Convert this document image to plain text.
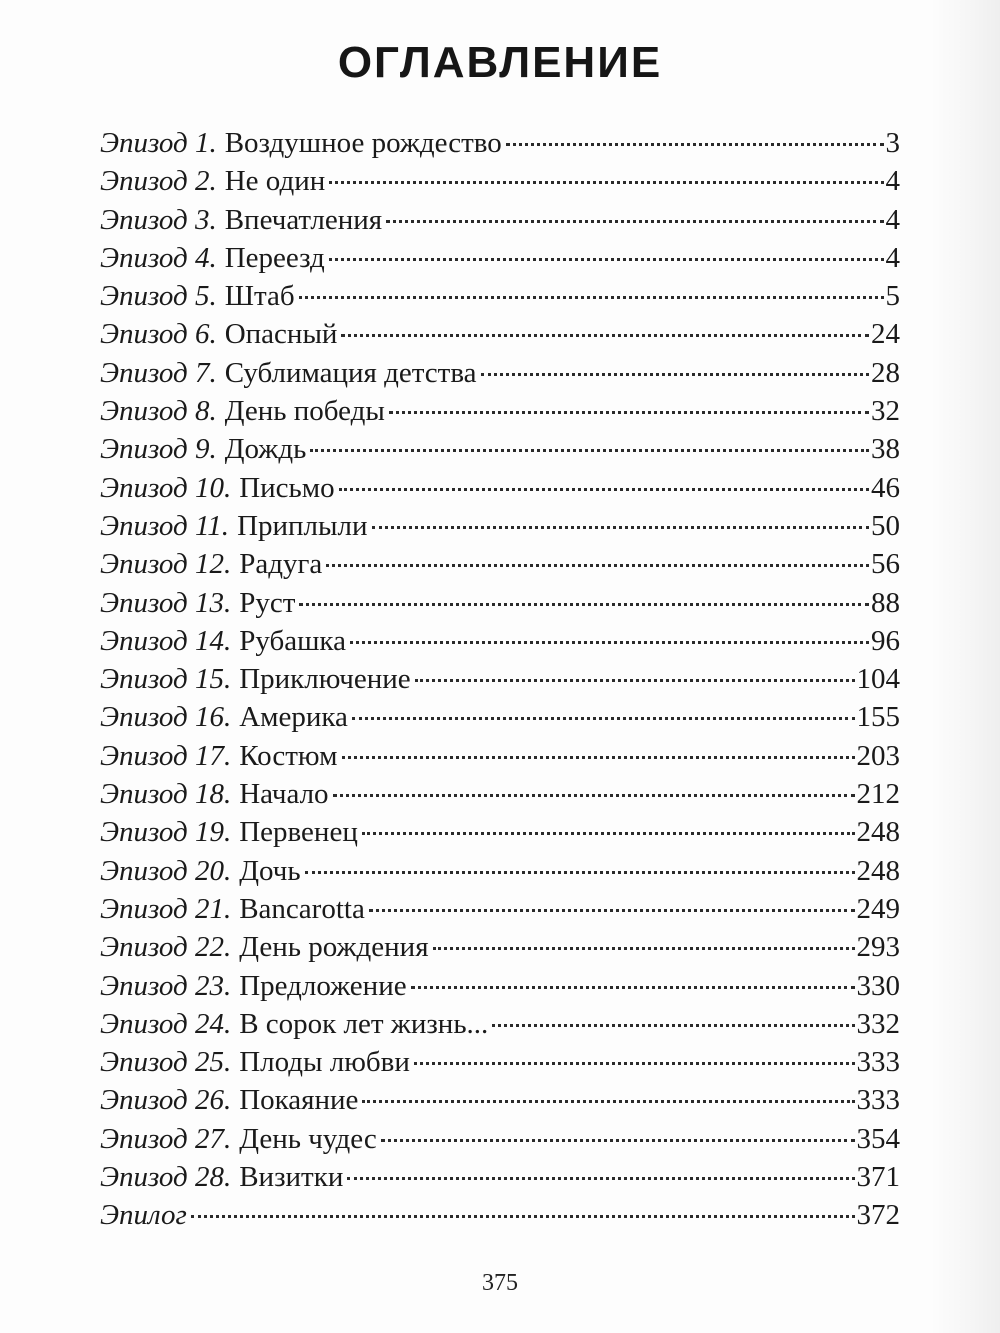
ОГЛАВЛЕНИЕ
Эпизод 1. Воздушное рождество	3
Эпизод 2. Не один	4
Эпизод 3. Впечатления	4
Эпизод 4. Переезд	4
Эпизод 5. Штаб	5
Эпизод 6. Опасный	24
Эпизод 7. Сублимация детства	28
Эпизод 8. День победы	32
Эпизод 9. Дождь	38
Эпизод 10. Письмо	46
Эпизод 11. Приплыли	50
Эпизод 12. Радуга	56
Эпизод 13. Руст	88
Эпизод 14. Рубашка	96
Эпизод 15. Приключение	104
Эпизод 16. Америка	155
Эпизод 17. Костюм	203
Эпизод 18. Начало	212
Эпизод 19. Первенец	248
Эпизод 20. Дочь	248
Эпизод 21. Bancarotta	249
Эпизод 22. День рождения	293
Эпизод 23. Предложение	330
Эпизод 24. В сорок лет жизнь...	332
Эпизод 25. Плоды любви	333
Эпизод 26. Покаяние	333
Эпизод 27. День чудес	354
Эпизод 28. Визитки	371
Эпилог	372
375
